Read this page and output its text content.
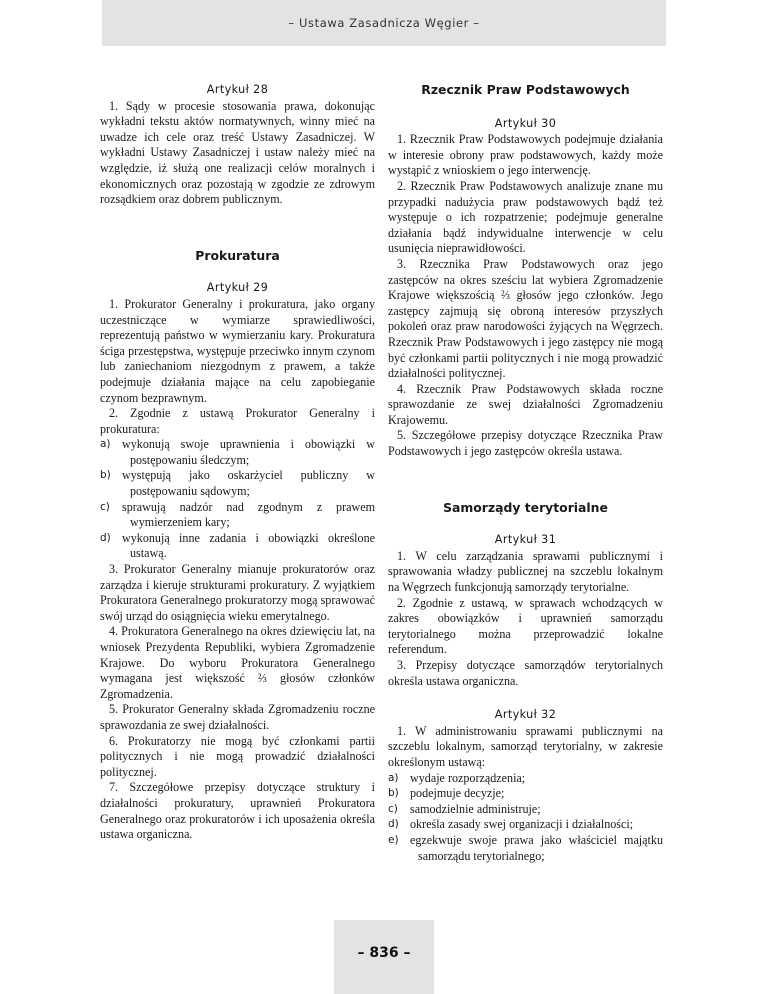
– Ustawa Zasadnicza Węgier –
Artykuł 28

1. Sądy w procesie stosowania prawa, dokonując wykładni tekstu aktów normatywnych, winny mieć na uwadze ich cele oraz treść Ustawy Zasadniczej. W wykładni Ustawy Zasadniczej i ustaw należy mieć na względzie, iż służą one realizacji celów moralnych i ekonomicznych oraz pozostają w zgodzie ze zdrowym rozsądkiem oraz dobrem publicznym.

Prokuratura
Artykuł 29

1. Prokurator Generalny i prokuratura, jako organy uczestniczące w wymiarze sprawiedliwości, reprezentują państwo w wymierzaniu kary. Prokuratura ściga przestępstwa, występuje przeciwko innym czynom lub zaniechaniom niezgodnym z prawem, a także podejmuje działania mające na celu zapobieganie czynom bezprawnym.

2. Zgodnie z ustawą Prokurator Generalny i prokuratura:

a) wykonują swoje uprawnienia i obowiązki w postępowaniu śledczym;
b) występują jako oskarżyciel publiczny w postępowaniu sądowym;
c) sprawują nadzór nad zgodnym z prawem wymierzeniem kary;
d) wykonują inne zadania i obowiązki określone ustawą.

3. Prokurator Generalny mianuje prokuratorów oraz zarządza i kieruje strukturami prokuratury. Z wyjątkiem Prokuratora Generalnego prokuratorzy mogą sprawować swój urząd do osiągnięcia wieku emerytalnego.

4. Prokuratora Generalnego na okres dziewięciu lat, na wniosek Prezydenta Republiki, wybiera Zgromadzenie Krajowe. Do wyboru Prokuratora Generalnego wymagana jest większość ⅔ głosów członków Zgromadzenia.

5. Prokurator Generalny składa Zgromadzeniu roczne sprawozdania ze swej działalności.

6. Prokuratorzy nie mogą być członkami partii politycznych i nie mogą prowadzić działalności politycznej.

7. Szczegółowe przepisy dotyczące struktury i działalności prokuratury, uprawnień Prokuratora Generalnego oraz prokuratorów i ich uposażenia określa ustawa organiczna.

Rzecznik Praw Podstawowych
Artykuł 30

1. Rzecznik Praw Podstawowych podejmuje działania w interesie obrony praw podstawowych, każdy może wystąpić z wnioskiem o jego interwencję.

2. Rzecznik Praw Podstawowych analizuje znane mu przypadki nadużycia praw podstawowych bądź też występuje o ich rozpatrzenie; podejmuje generalne działania bądź indywidualne interwencje w celu usunięcia nieprawidłowości.

3. Rzecznika Praw Podstawowych oraz jego zastępców na okres sześciu lat wybiera Zgromadzenie Krajowe większością ⅔ głosów jego członków. Jego zastępcy zajmują się obroną interesów przyszłych pokoleń oraz praw narodowości żyjących na Węgrzech. Rzecznik Praw Podstawowych i jego zastępcy nie mogą być członkami partii politycznych i nie mogą prowadzić działalności politycznej.

4. Rzecznik Praw Podstawowych składa roczne sprawozdanie ze swej działalności Zgromadzeniu Krajowemu.

5. Szczegółowe przepisy dotyczące Rzecznika Praw Podstawowych i jego zastępców określa ustawa.

Samorządy terytorialne
Artykuł 31

1. W celu zarządzania sprawami publicznymi i sprawowania władzy publicznej na szczeblu lokalnym na Węgrzech funkcjonują samorządy terytorialne.

2. Zgodnie z ustawą, w sprawach wchodzących w zakres obowiązków i uprawnień samorządu terytorialnego można przeprowadzić lokalne referendum.

3. Przepisy dotyczące samorządów terytorialnych określa ustawa organiczna.

Artykuł 32

1. W administrowaniu sprawami publicznymi na szczeblu lokalnym, samorząd terytorialny, w zakresie określonym ustawą:

a) wydaje rozporządzenia;
b) podejmuje decyzje;
c) samodzielnie administruje;
d) określa zasady swej organizacji i działalności;
e) egzekwuje swoje prawa jako właściciel majątku samorządu terytorialnego;
– 836 –
